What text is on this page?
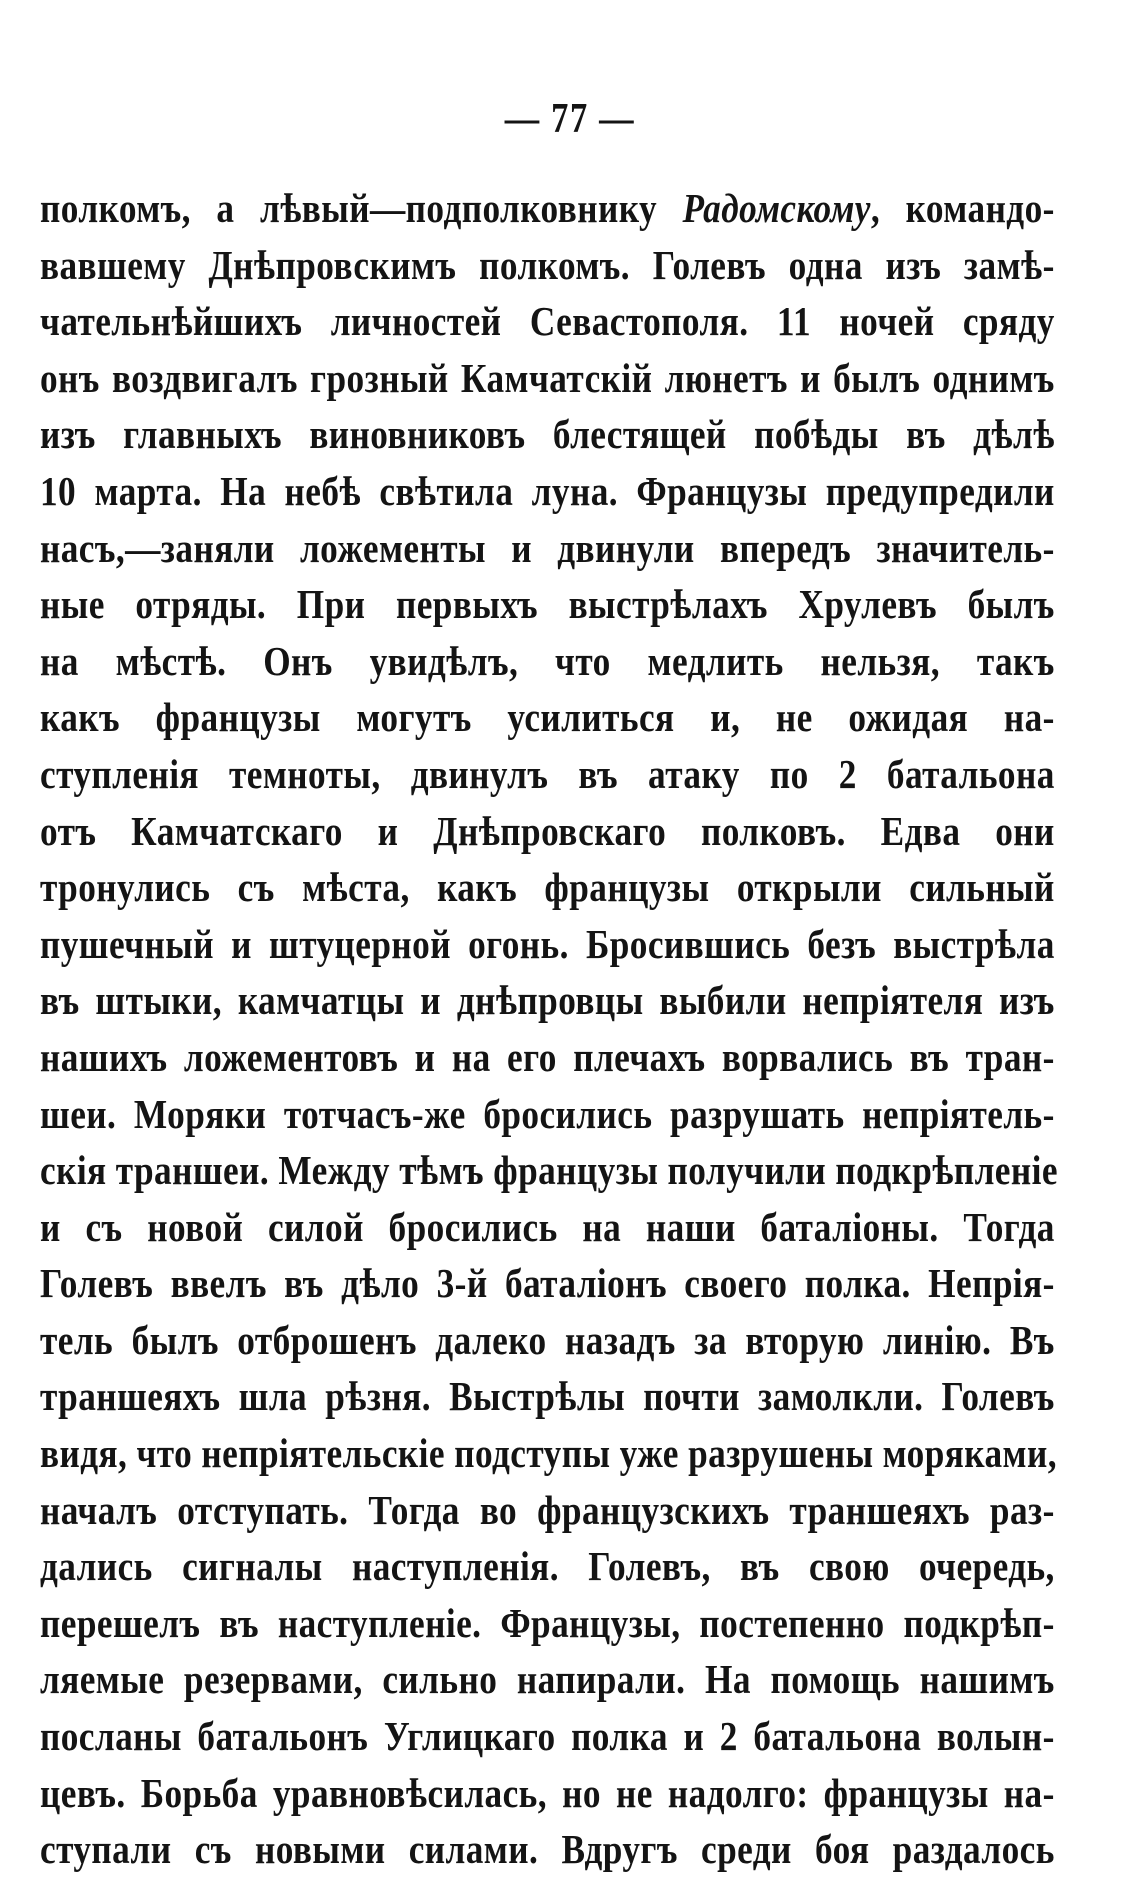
— 77 —
полкомъ, а лѣвый—подполковнику Радомскому, командо-
вавшему Днѣпровскимъ полкомъ. Голевъ одна изъ замѣ-
чательнѣйшихъ личностей Севастополя. 11 ночей сряду
онъ воздвигалъ грозный Камчатскій люнетъ и былъ однимъ
изъ главныхъ виновниковъ блестящей побѣды въ дѣлѣ
10 марта. На небѣ свѣтила луна. Французы предупредили
насъ,—заняли ложементы и двинули впередъ значитель-
ные отряды. При первыхъ выстрѣлахъ Хрулевъ былъ
на мѣстѣ. Онъ увидѣлъ, что медлить нельзя, такъ
какъ французы могутъ усилиться и, не ожидая на-
ступленія темноты, двинулъ въ атаку по 2 батальона
отъ Камчатскаго и Днѣпровскаго полковъ. Едва они
тронулись съ мѣста, какъ французы открыли сильный
пушечный и штуцерной огонь. Бросившись безъ выстрѣла
въ штыки, камчатцы и днѣпровцы выбили непріятеля изъ
нашихъ ложементовъ и на его плечахъ ворвались въ тран-
шеи. Моряки тотчасъ-же бросились разрушать непріятель-
скія траншеи. Между тѣмъ французы получили подкрѣпленіе
и съ новой силой бросились на наши баталіоны. Тогда
Голевъ ввелъ въ дѣло 3-й баталіонъ своего полка. Непрія-
тель былъ отброшенъ далеко назадъ за вторую линію. Въ
траншеяхъ шла рѣзня. Выстрѣлы почти замолкли. Голевъ
видя, что непріятельскіе подступы уже разрушены моряками,
началъ отступать. Тогда во французскихъ траншеяхъ раз-
дались сигналы наступленія. Голевъ, въ свою очередь,
перешелъ въ наступленіе. Французы, постепенно подкрѣп-
ляемые резервами, сильно напирали. На помощь нашимъ
посланы батальонъ Углицкаго полка и 2 батальона волын-
цевъ. Борьба уравновѣсилась, но не надолго: французы на-
ступали съ новыми силами. Вдругъ среди боя раздалось
